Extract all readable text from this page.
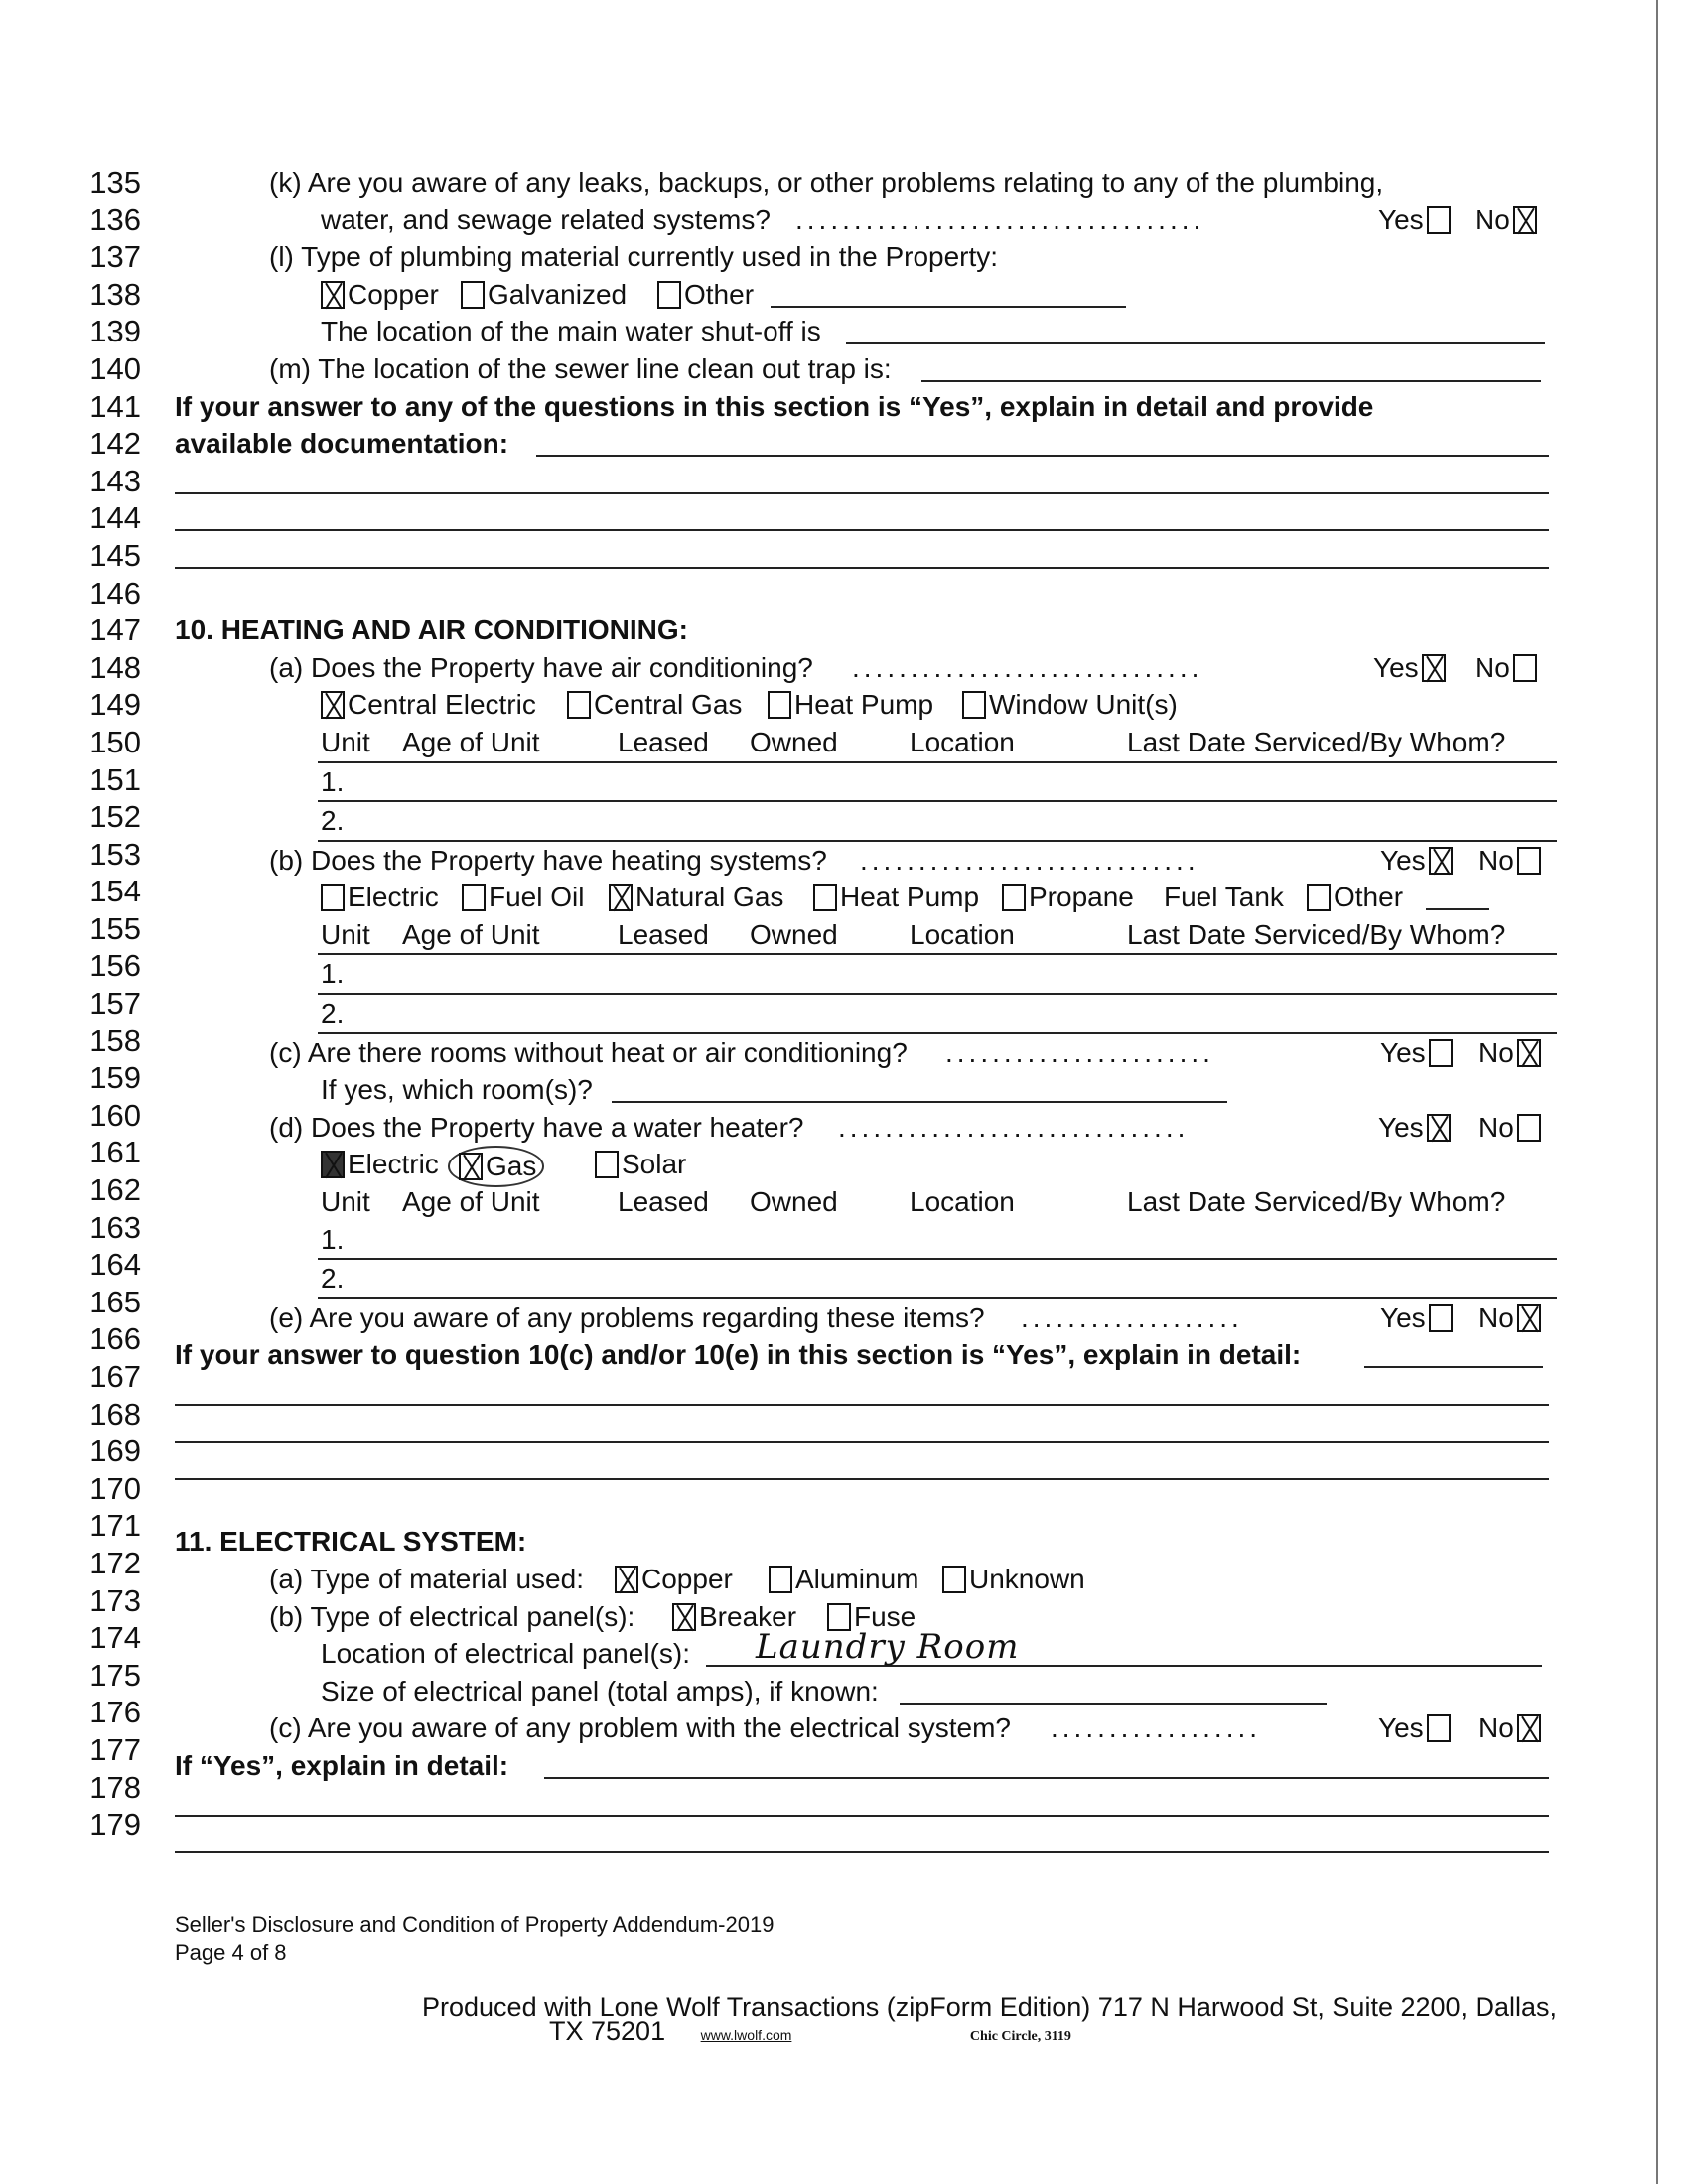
135
136
137
138
139
140
141
142
143
144
145
146
147
148
149
150
151
152
153
154
155
156
157
158
159
160
161
162
163
164
165
166
167
168
169
170
171
172
173
174
175
176
177
178
179
(k) Are you aware of any leaks, backups, or other problems relating to any of the plumbing,
water, and sewage related systems? ...................................	Yes	No
(l) Type of plumbing material currently used in the Property:
Copper	Galvanized	Other
The location of the main water shut-off is
(m) The location of the sewer line clean out trap is:
If your answer to any of the questions in this section is “Yes”, explain in detail and provide
available documentation:
10. HEATING AND AIR CONDITIONING:
(a) Does the Property have air conditioning? ..............................	Yes	No
Central Electric	Central Gas	Heat Pump	Window Unit(s)
Unit Age of Unit	Leased Owned	Location	Last Date Serviced/By Whom?
1.
2.
(b) Does the Property have heating systems? .............................	Yes	No
Electric	Fuel Oil	Natural Gas	Heat Pump	Propane Fuel Tank	Other
Unit Age of Unit	Leased Owned	Location	Last Date Serviced/By Whom?
1.
2.
(c) Are there rooms without heat or air conditioning? .......................	Yes	No
If yes, which room(s)?
(d) Does the Property have a water heater? ..............................	Yes	No
Electric	Gas	Solar
Unit Age of Unit	Leased Owned	Location	Last Date Serviced/By Whom?
1.
2.
(e) Are you aware of any problems regarding these items? ...................	Yes	No
If your answer to question 10(c) and/or 10(e) in this section is “Yes”, explain in detail:
11. ELECTRICAL SYSTEM:
(a) Type of material used:	Copper	Aluminum	Unknown
(b) Type of electrical panel(s):	Breaker	Fuse
Location of electrical panel(s): Laundry Room
Size of electrical panel (total amps), if known:
(c) Are you aware of any problem with the electrical system? ..................	Yes	No
If “Yes”, explain in detail:
Seller's Disclosure and Condition of Property Addendum-2019
Page 4 of 8
Produced with Lone Wolf Transactions (zipForm Edition) 717 N Harwood St, Suite 2200, Dallas,
TX 75201	www.lwolf.com	Chic Circle, 3119
